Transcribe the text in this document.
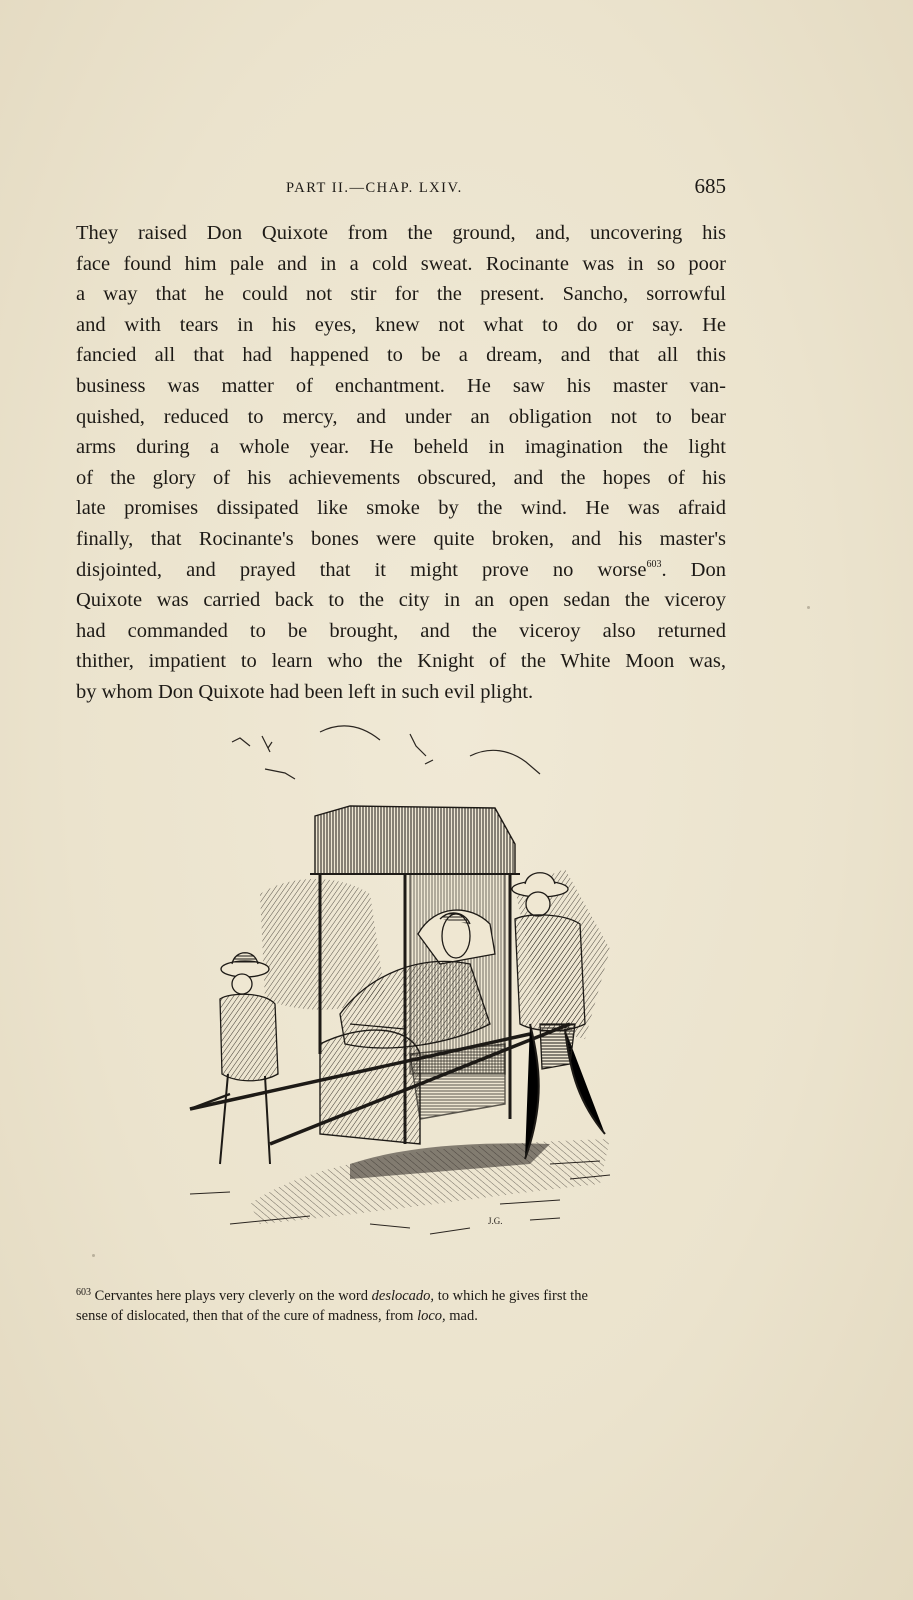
PART II.—CHAP. LXIV.	685
They raised Don Quixote from the ground, and, uncovering his
face found him pale and in a cold sweat. Rocinante was in so poor
a way that he could not stir for the present. Sancho, sorrowful
and with tears in his eyes, knew not what to do or say. He
fancied all that had happened to be a dream, and that all this
business was matter of enchantment. He saw his master van-
quished, reduced to mercy, and under an obligation not to bear
arms during a whole year. He beheld in imagination the light
of the glory of his achievements obscured, and the hopes of his
late promises dissipated like smoke by the wind. He was afraid
finally, that Rocinante's bones were quite broken, and his master's
disjointed, and prayed that it might prove no worse$^{603}$. Don
Quixote was carried back to the city in an open sedan the viceroy
had commanded to be brought, and the viceroy also returned
thither, impatient to learn who the Knight of the White Moon was,
by whom Don Quixote had been left in such evil plight.
J.G.
$^{603}$ Cervantes here plays very cleverly on the word deslocado, to which he gives first the
sense of dislocated, then that of the cure of madness, from loco, mad.
